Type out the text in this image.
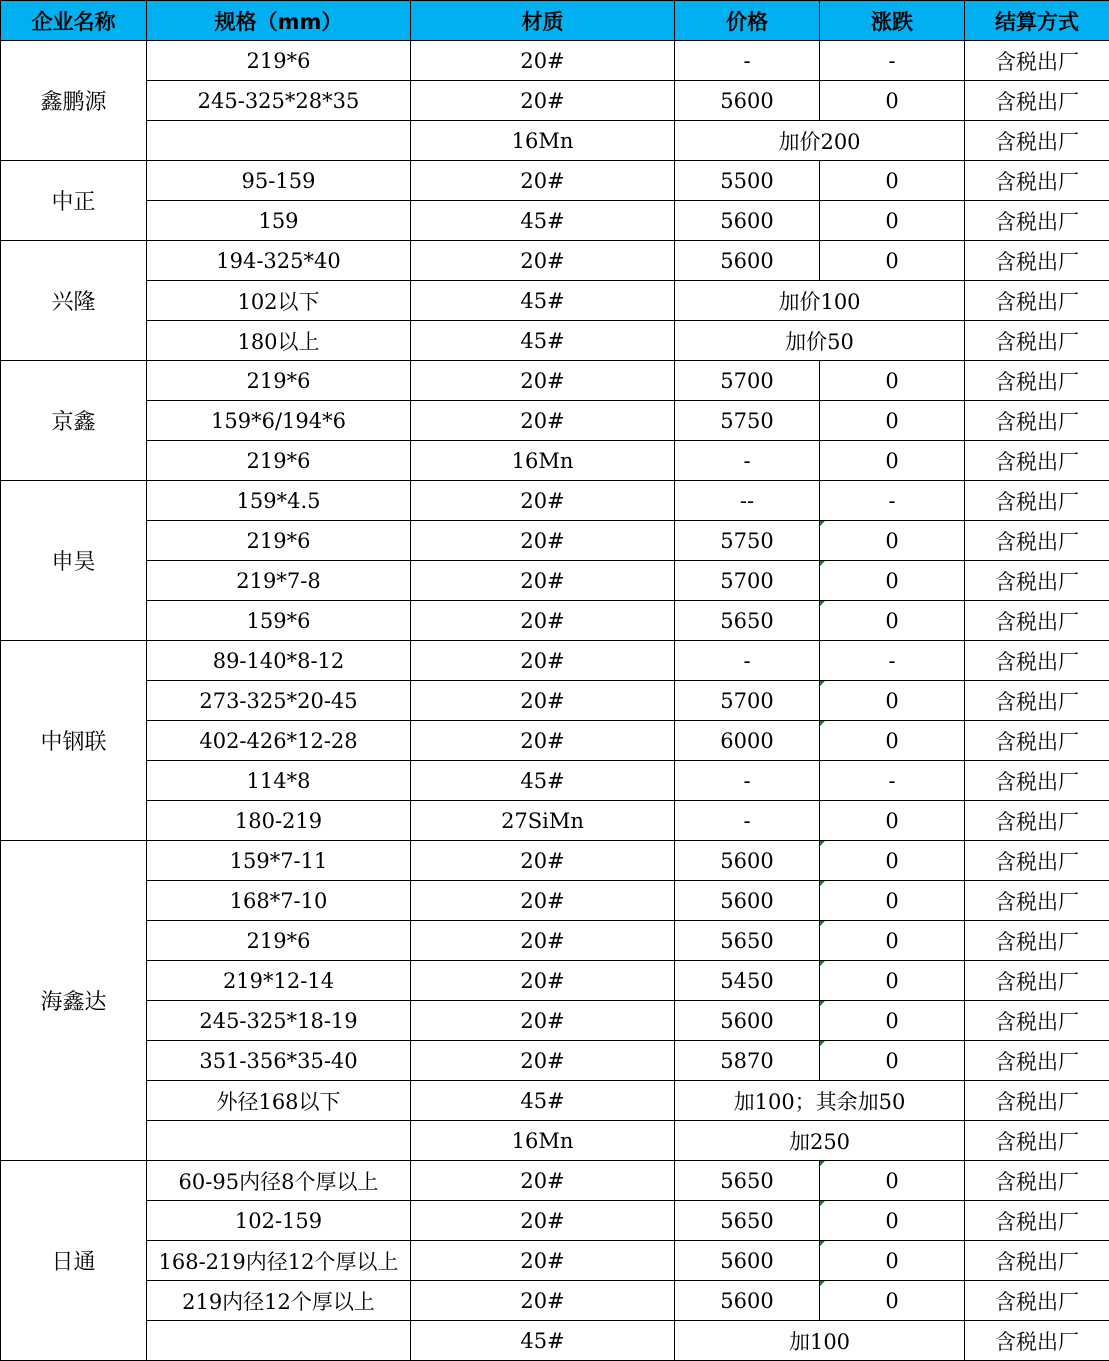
企业名称	规格（mm）	材质	价格	涨跌	结算方式
鑫鹏源	219*6	20#	-	-	含税出厂
	245-325*28*35	20#	5600	0	含税出厂
		16Mn	加价200		含税出厂
中正	95-159	20#	5500	0	含税出厂
	159	45#	5600	0	含税出厂
兴隆	194-325*40	20#	5600	0	含税出厂
	102以下	45#	加价100		含税出厂
	180以上	45#	加价50		含税出厂
京鑫	219*6	20#	5700	0	含税出厂
	159*6/194*6	20#	5750	0	含税出厂
	219*6	16Mn	-	0	含税出厂
申昊	159*4.5	20#	--	-	含税出厂
	219*6	20#	5750	0	含税出厂
	219*7-8	20#	5700	0	含税出厂
	159*6	20#	5650	0	含税出厂
中钢联	89-140*8-12	20#	-	-	含税出厂
	273-325*20-45	20#	5700	0	含税出厂
	402-426*12-28	20#	6000	0	含税出厂
	114*8	45#	-	-	含税出厂
	180-219	27SiMn	-	0	含税出厂
海鑫达	159*7-11	20#	5600	0	含税出厂
	168*7-10	20#	5600	0	含税出厂
	219*6	20#	5650	0	含税出厂
	219*12-14	20#	5450	0	含税出厂
	245-325*18-19	20#	5600	0	含税出厂
	351-356*35-40	20#	5870	0	含税出厂
	外径168以下	45#	加100；其余加50		含税出厂
		16Mn	加250		含税出厂
日通	60-95内径8个厚以上	20#	5650	0	含税出厂
	102-159	20#	5650	0	含税出厂
	168-219内径12个厚以上	20#	5600	0	含税出厂
	219内径12个厚以上	20#	5600	0	含税出厂
		45#	加100		含税出厂
